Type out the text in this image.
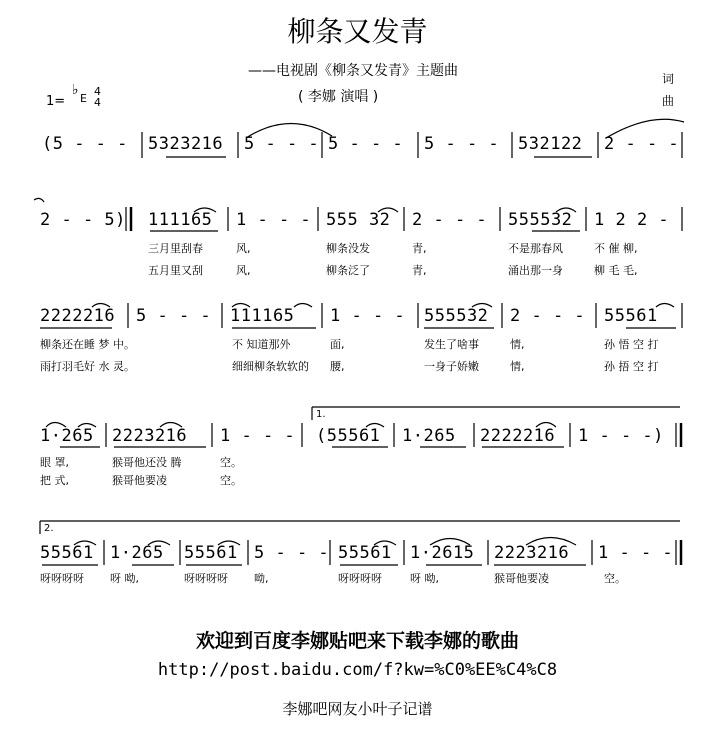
柳条又发青
——电视剧《柳条又发青》主题曲
( 李娜 演唱 )
词
曲
1=
♭
E
4
4
(5 - - - 5323216 5 - - - 5 - - - 5 - - - 532122 2 - - -
2 - - 5) 111165 1 - - - 555 32 2 - - - 555532 1 2 2 -
三月里刮春	风,	柳条没发	青,	不是那春风	不 催 柳,
五月里又刮	风,	柳条泛了	青,	涌出那一身	柳 毛 毛,
2222216 5 - - - 111165 1 - - - 555532 2 - - - 55561
柳条还在睡 梦 中。	不 知道那外	面,	发生了啥事	情,	孙 悟 空 打
雨打羽毛好 水 灵。	细细柳条软软的 腰,	一身子娇嫩	情,	孙 捂 空 打
1.
1·265 2223216 1 - - - (55561 1·265 2222216 1 - - -)
眼 罩,	猴哥他还没 腾	空。
把 式,	猴哥他要凌	空。
2.
55561 1·265 55561 5 - - - 55561 1·2615 2223216 1 - - -
呀呀呀呀 呀 呦,	呀呀呀呀 呦,	呀呀呀呀	呀 呦,	猴哥他要凌	空。
欢迎到百度李娜贴吧来下载李娜的歌曲
http://post.baidu.com/f?kw=%C0%EE%C4%C8
李娜吧网友小叶子记谱
